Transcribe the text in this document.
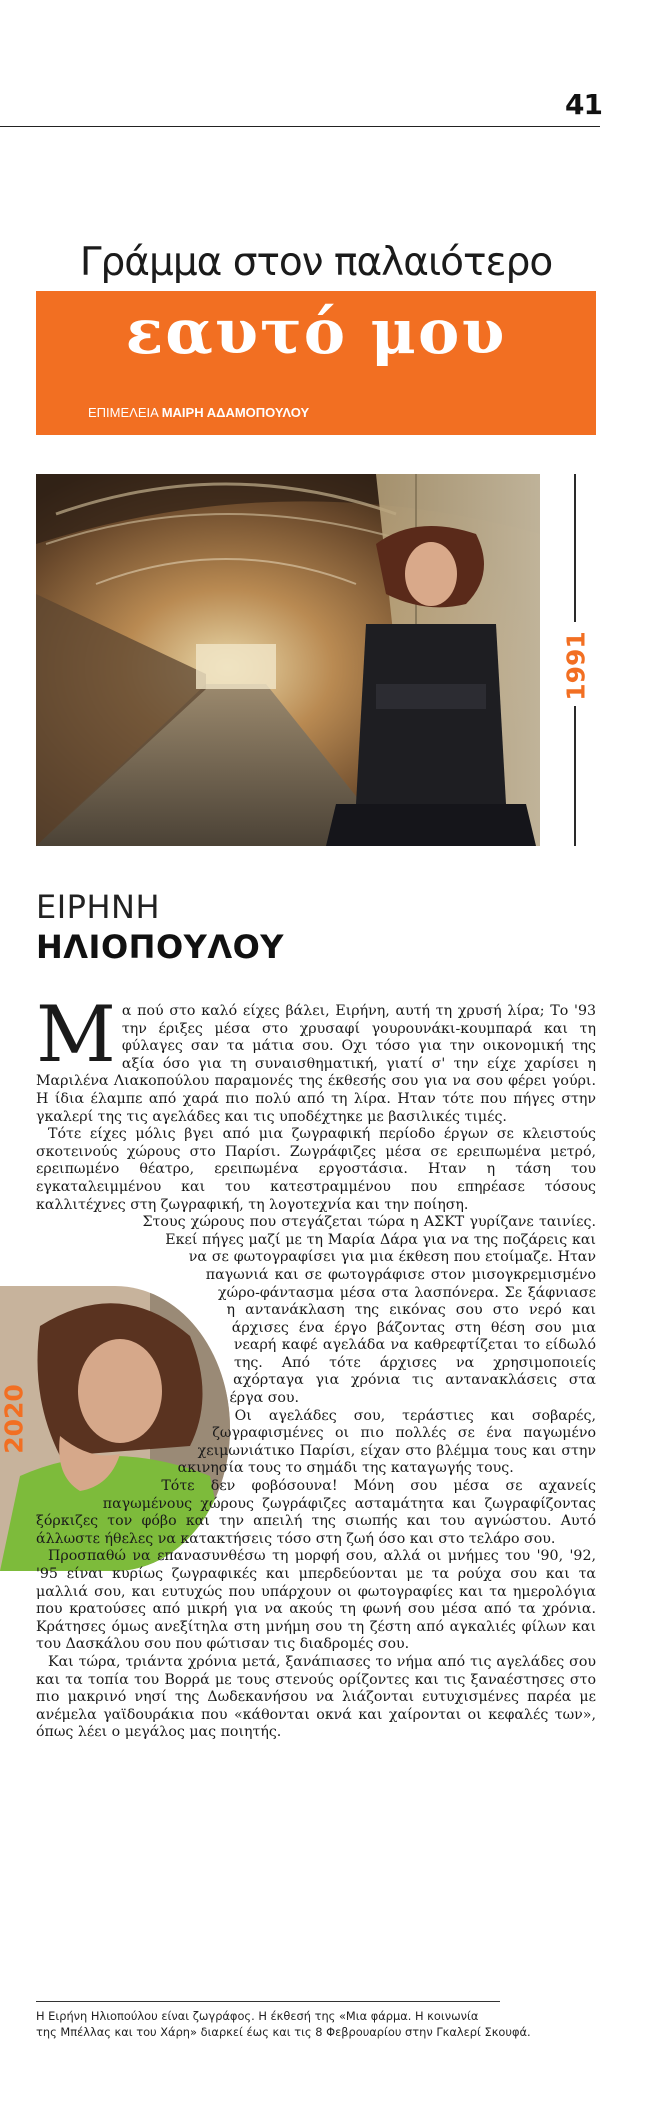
41
Γράμμα στον παλαιότερο
εαυτό μου
ΕΠΙΜΕΛΕΙΑ ΜΑΙΡΗ ΑΔΑΜΟΠΟΥΛΟΥ
1991
ΕΙΡΗΝΗ
ΗΛΙΟΠΟΥΛΟΥ
2020

Μα πού στο καλό είχες βάλει, Ειρήνη, αυτή τη χρυσή λίρα; Το '93 την έριξες μέσα στο χρυσαφί γουρουνάκι-κουμπαρά και τη φύλαγες σαν τα μάτια σου. Οχι τόσο για την οικονομική της αξία όσο για τη συναισθηματική, γιατί σ' την είχε χαρίσει η Μαριλένα Λιακοπούλου παραμονές της έκθεσής σου για να σου φέρει γούρι. Η ίδια έλαμπε από χαρά πιο πολύ από τη λίρα. Ηταν τότε που πήγες στην γκαλερί της τις αγελάδες και τις υποδέχτηκε με βασιλικές τιμές.

Τότε είχες μόλις βγει από μια ζωγραφική περίοδο έργων σε κλειστούς σκοτεινούς χώρους στο Παρίσι. Ζωγράφιζες μέσα σε ερειπωμένα μετρό, ερειπωμένο θέατρο, ερειπωμένα εργοστάσια. Ηταν η τάση του εγκαταλειμμένου και του κατεστραμμένου που επηρέασε τόσους καλλιτέχνες στη ζωγραφική, τη λογοτεχνία και την ποίηση.

Στους χώρους που στεγάζεται τώρα η ΑΣΚΤ γυρίζανε ταινίες. Εκεί πήγες μαζί με τη Μαρία Δάρα για να της ποζάρεις και να σε φωτογραφίσει για μια έκθεση που ετοίμαζε. Ηταν παγωνιά και σε φωτογράφισε στον μισογκρεμισμένο χώρο-φάντασμα μέσα στα λασπόνερα. Σε ξάφνιασε η αντανάκλαση της εικόνας σου στο νερό και άρχισες ένα έργο βάζοντας στη θέση σου μια νεαρή καφέ αγελάδα να καθρεφτίζεται το είδωλό της. Από τότε άρχισες να χρησιμοποιείς αχόρταγα για χρόνια τις αντανακλάσεις στα έργα σου.

Οι αγελάδες σου, τεράστιες και σοβαρές, ζωγραφισμένες οι πιο πολλές σε ένα παγωμένο χειμωνιάτικο Παρίσι, είχαν στο βλέμμα τους και στην ακινησία τους το σημάδι της καταγωγής τους.

Τότε δεν φοβόσουνα! Μόνη σου μέσα σε αχανείς παγωμένους χώρους ζωγράφιζες ασταμάτητα και ζωγραφίζοντας ξόρκιζες τον φόβο και την απειλή της σιωπής και του αγνώστου. Αυτό άλλωστε ήθελες να κατακτήσεις τόσο στη ζωή όσο και στο τελάρο σου.

Προσπαθώ να επανασυνθέσω τη μορφή σου, αλλά οι μνήμες του '90, '92, '95 είναι κυρίως ζωγραφικές και μπερδεύονται με τα ρούχα σου και τα μαλλιά σου, και ευτυχώς που υπάρχουν οι φωτογραφίες και τα ημερολόγια που κρατούσες από μικρή για να ακούς τη φωνή σου μέσα από τα χρόνια. Κράτησες όμως ανεξίτηλα στη μνήμη σου τη ζέστη από αγκαλιές φίλων και του Δασκάλου σου που φώτισαν τις διαδρομές σου.

Και τώρα, τριάντα χρόνια μετά, ξανάπιασες το νήμα από τις αγελάδες σου και τα τοπία του Βορρά με τους στενούς ορίζοντες και τις ξαναέστησες στο πιο μακρινό νησί της Δωδεκανήσου να λιάζονται ευτυχισμένες παρέα με ανέμελα γαϊδουράκια που «κάθονται οκνά και χαίρονται οι κεφαλές των», όπως λέει ο μεγάλος μας ποιητής.

Η Ειρήνη Ηλιοπούλου είναι ζωγράφος. Η έκθεσή της «Μια φάρμα. Η κοινωνία

της Μπέλλας και του Χάρη» διαρκεί έως και τις 8 Φεβρουαρίου στην Γκαλερί Σκουφά.
